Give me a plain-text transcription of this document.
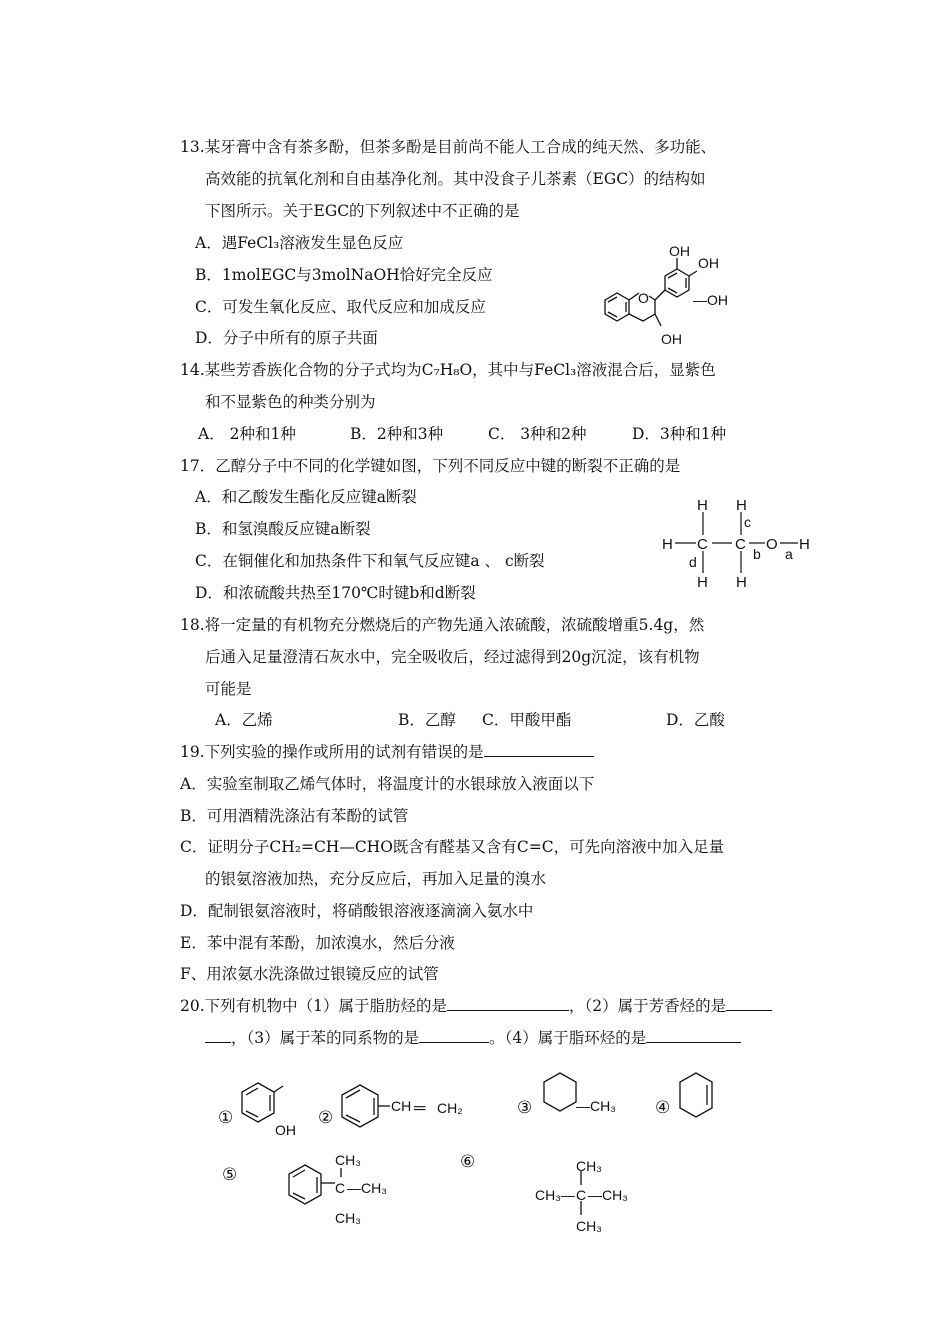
13.某牙膏中含有茶多酚，但茶多酚是目前尚不能人工合成的纯天然、多功能、
高效能的抗氧化剂和自由基净化剂。其中没食子儿茶素（EGC）的结构如
下图所示。关于EGC的下列叙述中不正确的是
A．遇FeCl₃溶液发生显色反应
B．1molEGC与3molNaOH恰好完全反应
C．可发生氧化反应、取代反应和加成反应
D．分子中所有的原子共面
O
OH
OH
—OH
OH
14.某些芳香族化合物的分子式均为C₇H₈O，其中与FeCl₃溶液混合后，显紫色
和不显紫色的种类分别为
A． 2种和1种	B．2种和3种	C． 3种和2种	D．3种和1种
17．乙醇分子中不同的化学键如图，下列不同反应中键的断裂不正确的是
A．和乙酸发生酯化反应键a断裂
B．和氢溴酸反应键a断裂
C．在铜催化和加热条件下和氧气反应键a 、 c断裂
D．和浓硫酸共热至170℃时键b和d断裂
H H
H C C O H
H H
c
b a
d
18.将一定量的有机物充分燃烧后的产物先通入浓硫酸，浓硫酸增重5.4g，然
后通入足量澄清石灰水中，完全吸收后，经过滤得到20g沉淀，该有机物
可能是
A．乙烯	B．乙醇 C．甲酸甲酯	D．乙酸
19.下列实验的操作或所用的试剂有错误的是
A．实验室制取乙烯气体时，将温度计的水银球放入液面以下
B．可用酒精洗涤沾有苯酚的试管
C．证明分子CH₂=CH—CHO既含有醛基又含有C=C，可先向溶液中加入足量
的银氨溶液加热，充分反应后，再加入足量的溴水
D．配制银氨溶液时，将硝酸银溶液逐滴滴入氨水中
E．苯中混有苯酚，加浓溴水，然后分液
F、用浓氨水洗涤做过银镜反应的试管
20.下列有机物中（1）属于脂肪烃的是	，（2）属于芳香烃的是
，（3）属于苯的同系物的是	。（4）属于脂环烃的是
①
OH
②
CH ═ CH₂	③	—CH₃ ④
⑤
CH₃
C —CH₃
CH₃
⑥	CH₃
CH₃— C —CH₃
CH₃
